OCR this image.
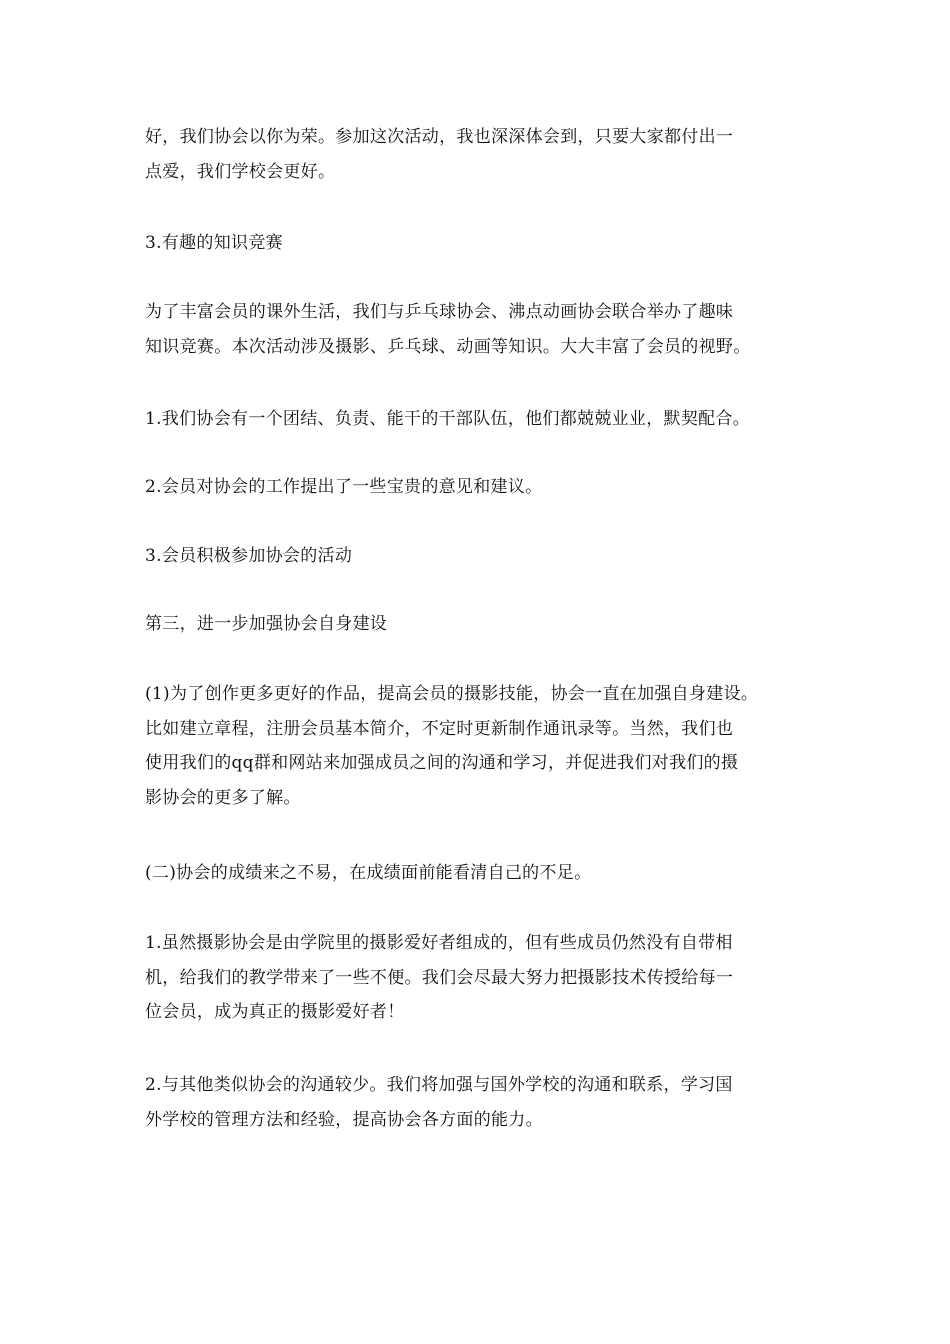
好，我们协会以你为荣。参加这次活动，我也深深体会到，只要大家都付出一
点爱，我们学校会更好。

3.有趣的知识竞赛

为了丰富会员的课外生活，我们与乒乓球协会、沸点动画协会联合举办了趣味
知识竞赛。本次活动涉及摄影、乒乓球、动画等知识。大大丰富了会员的视野。

1.我们协会有一个团结、负责、能干的干部队伍，他们都兢兢业业，默契配合。

2.会员对协会的工作提出了一些宝贵的意见和建议。

3.会员积极参加协会的活动

第三，进一步加强协会自身建设

(1)为了创作更多更好的作品，提高会员的摄影技能，协会一直在加强自身建设。
比如建立章程，注册会员基本简介，不定时更新制作通讯录等。当然，我们也
使用我们的qq群和网站来加强成员之间的沟通和学习，并促进我们对我们的摄
影协会的更多了解。

(二)协会的成绩来之不易，在成绩面前能看清自己的不足。

1.虽然摄影协会是由学院里的摄影爱好者组成的，但有些成员仍然没有自带相
机，给我们的教学带来了一些不便。我们会尽最大努力把摄影技术传授给每一
位会员，成为真正的摄影爱好者！

2.与其他类似协会的沟通较少。我们将加强与国外学校的沟通和联系，学习国
外学校的管理方法和经验，提高协会各方面的能力。
